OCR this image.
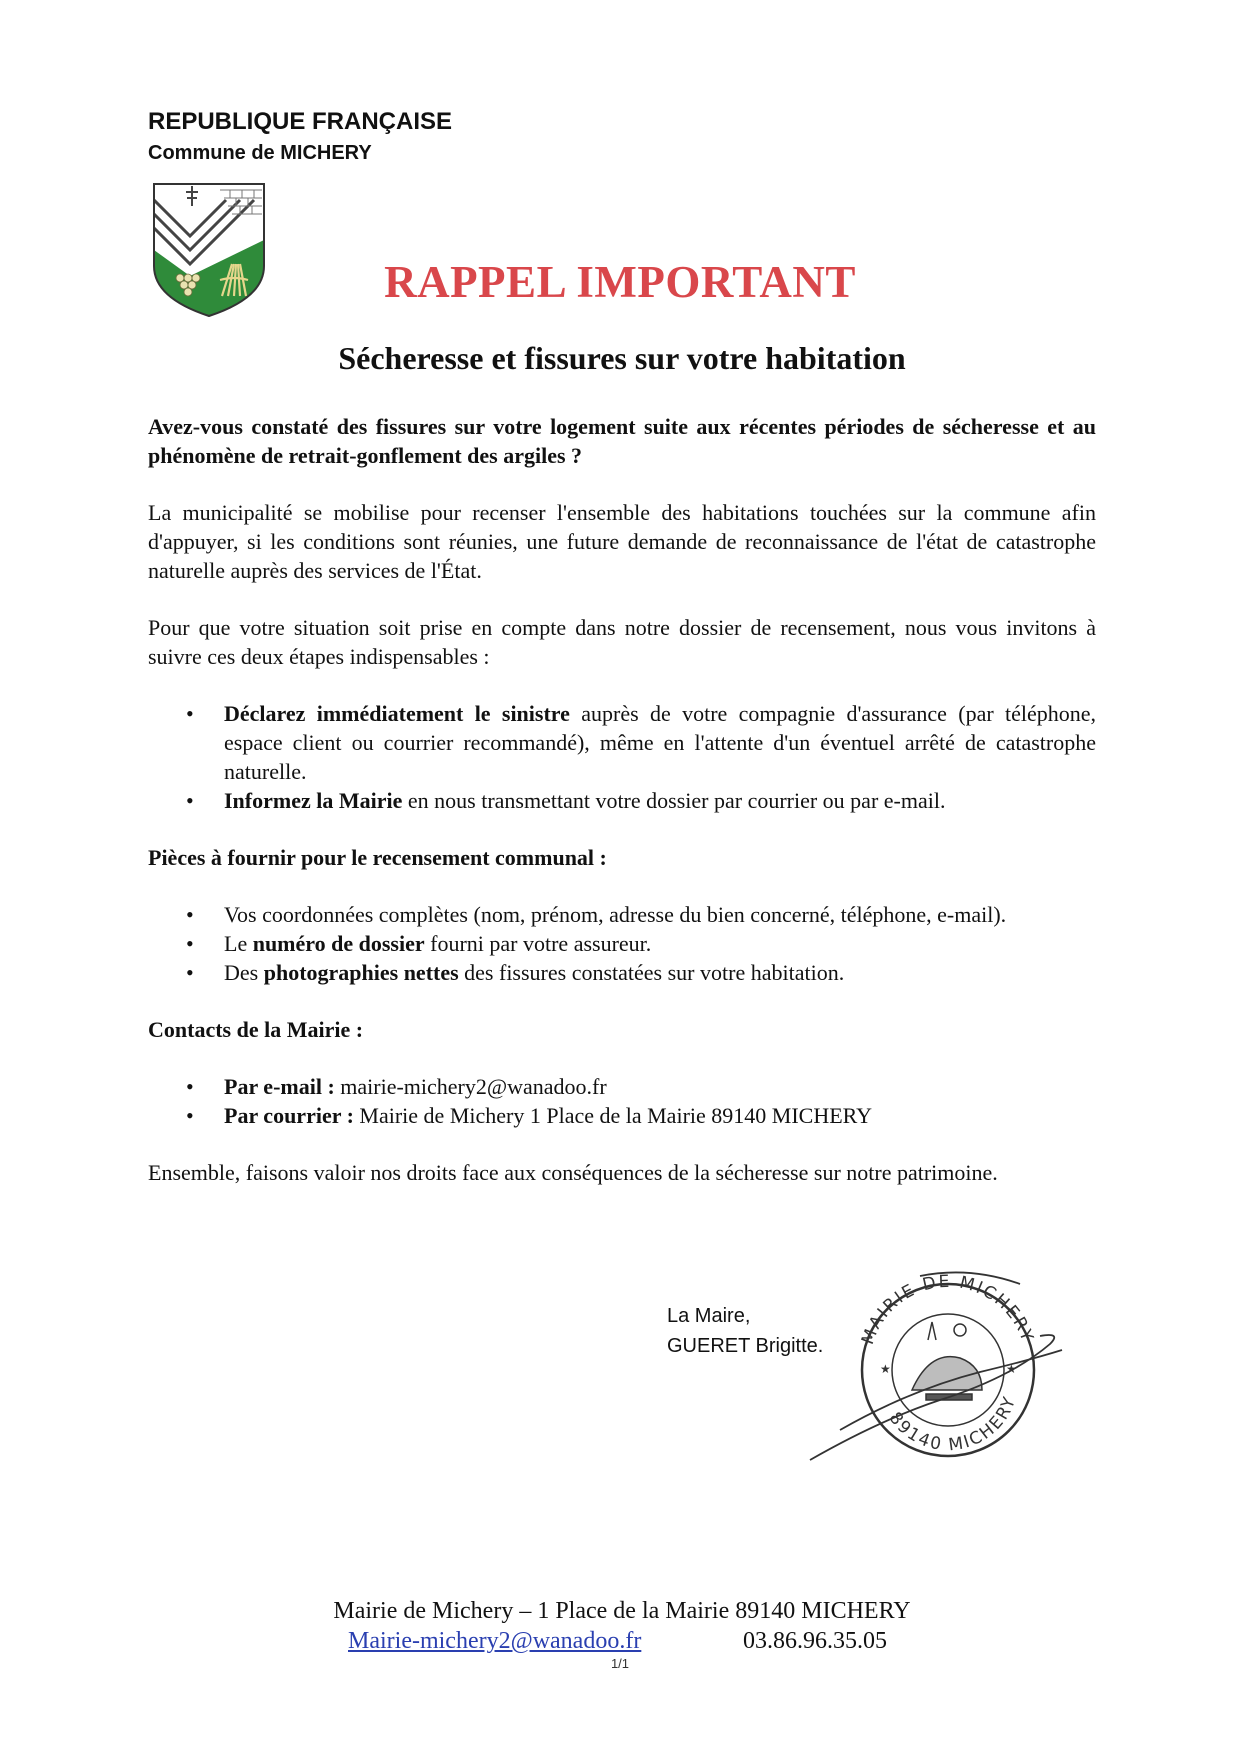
REPUBLIQUE FRANÇAISE
Commune de MICHERY
RAPPEL IMPORTANT
Sécheresse et fissures sur votre habitation

Avez-vous constaté des fissures sur votre logement suite aux récentes périodes de sécheresse et au phénomène de retrait-gonflement des argiles ?

La municipalité se mobilise pour recenser l'ensemble des habitations touchées sur la commune afin d'appuyer, si les conditions sont réunies, une future demande de reconnaissance de l'état de catastrophe naturelle auprès des services de l'État.

Pour que votre situation soit prise en compte dans notre dossier de recensement, nous vous invitons à suivre ces deux étapes indispensables :

• Déclarez immédiatement le sinistre auprès de votre compagnie d'assurance (par téléphone, espace client ou courrier recommandé), même en l'attente d'un éventuel arrêté de catastrophe naturelle.
• Informez la Mairie en nous transmettant votre dossier par courrier ou par e-mail.

Pièces à fournir pour le recensement communal :

• Vos coordonnées complètes (nom, prénom, adresse du bien concerné, téléphone, e-mail).
• Le numéro de dossier fourni par votre assureur.
• Des photographies nettes des fissures constatées sur votre habitation.

Contacts de la Mairie :

• Par e-mail : mairie-michery2@wanadoo.fr
• Par courrier : Mairie de Michery 1 Place de la Mairie 89140 MICHERY

Ensemble, faisons valoir nos droits face aux conséquences de la sécheresse sur notre patrimoine.

La Maire,
GUERET Brigitte. MAIRIE DE MICHERY
89140 MICHERY
★	★
Mairie de Michery – 1 Place de la Mairie 89140 MICHERY
Mairie-michery2@wanadoo.fr	03.86.96.35.05
1/1
